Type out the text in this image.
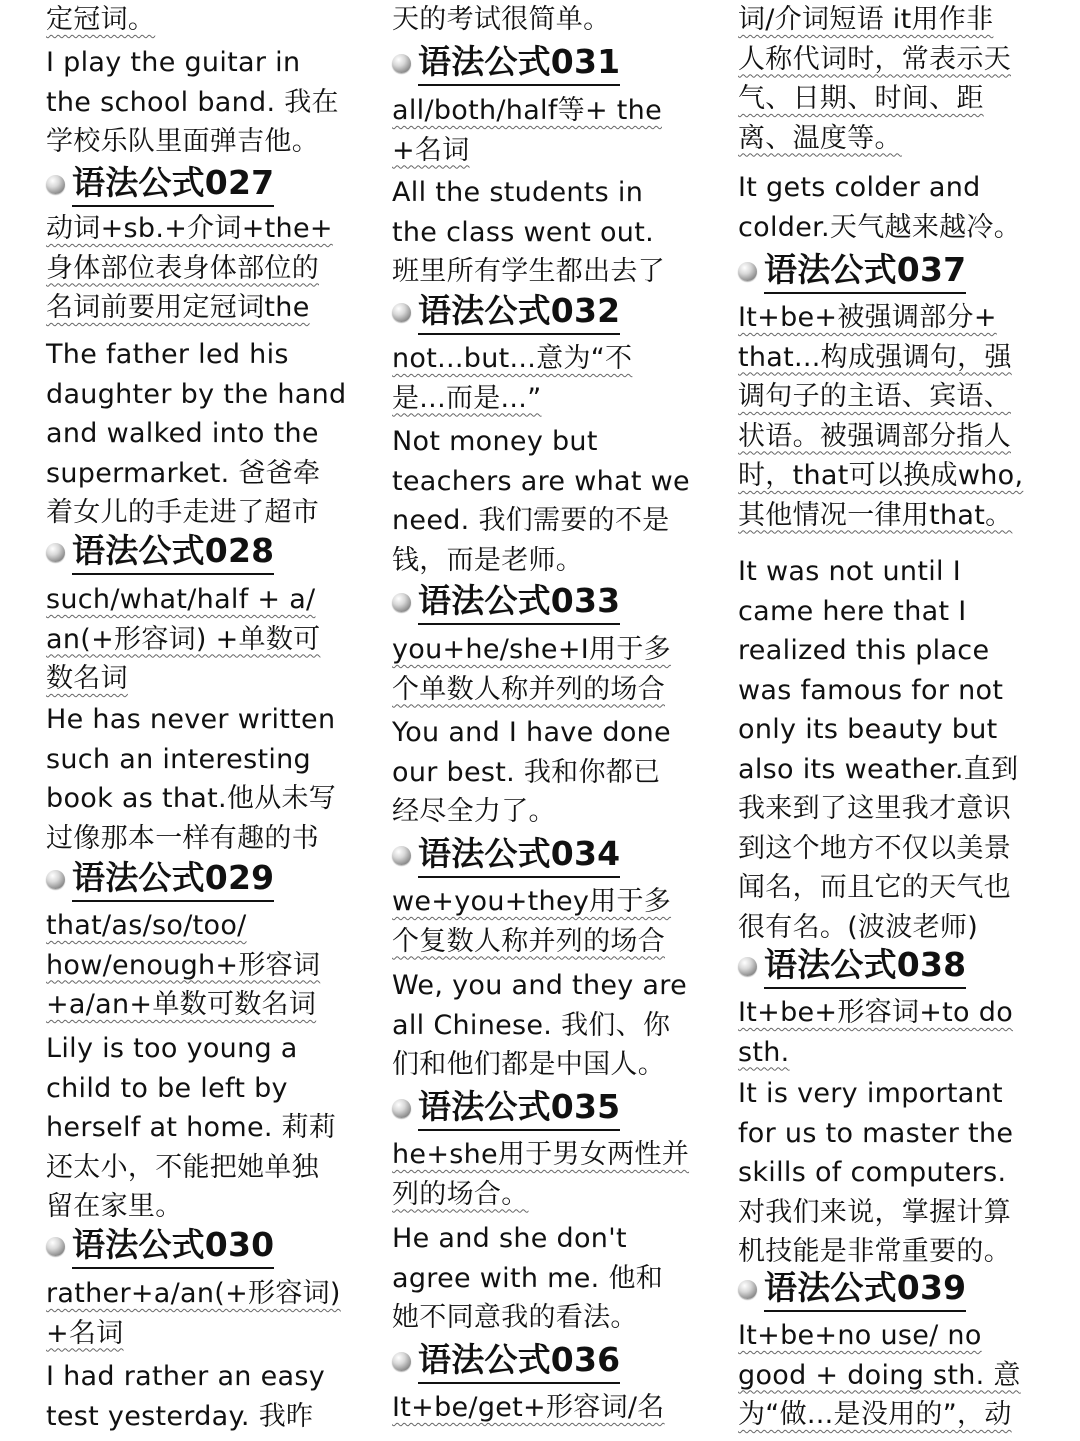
定冠词。
I play the guitar in
the school band. 我在
学校乐队里面弹吉他。
语法公式027
动词+sb.+介词+the+
身体部位表身体部位的
名词前要用定冠词the
The father led his
daughter by the hand
and walked into the
supermarket. 爸爸牵
着女儿的手走进了超市
语法公式028
such/what/half + a/
an(+形容词) +单数可
数名词
He has never written
such an interesting
book as that.他从未写
过像那本一样有趣的书
语法公式029
that/as/so/too/
how/enough+形容词
+a/an+单数可数名词
Lily is too young a
child to be left by
herself at home. 莉莉
还太小，不能把她单独
留在家里。
语法公式030
rather+a/an(+形容词)
+名词
I had rather an easy
test yesterday. 我昨
天的考试很简单。
语法公式031
all/both/half等+ the
+名词
All the students in
the class went out.
班里所有学生都出去了
语法公式032
not...but...意为“不
是...而是...”
Not money but
teachers are what we
need. 我们需要的不是
钱，而是老师。
语法公式033
you+he/she+I用于多
个单数人称并列的场合
You and I have done
our best. 我和你都已
经尽全力了。
语法公式034
we+you+they用于多
个复数人称并列的场合
We, you and they are
all Chinese. 我们、你
们和他们都是中国人。
语法公式035
he+she用于男女两性并
列的场合。
He and she don't
agree with me. 他和
她不同意我的看法。
语法公式036
It+be/get+形容词/名
词/介词短语 it用作非
人称代词时，常表示天
气、日期、时间、距
离、温度等。
It gets colder and
colder.天气越来越冷。
语法公式037
It+be+被强调部分+
that...构成强调句，强
调句子的主语、宾语、
状语。被强调部分指人
时，that可以换成who,
其他情况一律用that。
It was not until I
came here that I
realized this place
was famous for not
only its beauty but
also its weather.直到
我来到了这里我才意识
到这个地方不仅以美景
闻名，而且它的天气也
很有名。(波波老师)
语法公式038
It+be+形容词+to do
sth.
It is very important
for us to master the
skills of computers.
对我们来说，掌握计算
机技能是非常重要的。
语法公式039
It+be+no use/ no
good + doing sth. 意
为“做...是没用的”，动
